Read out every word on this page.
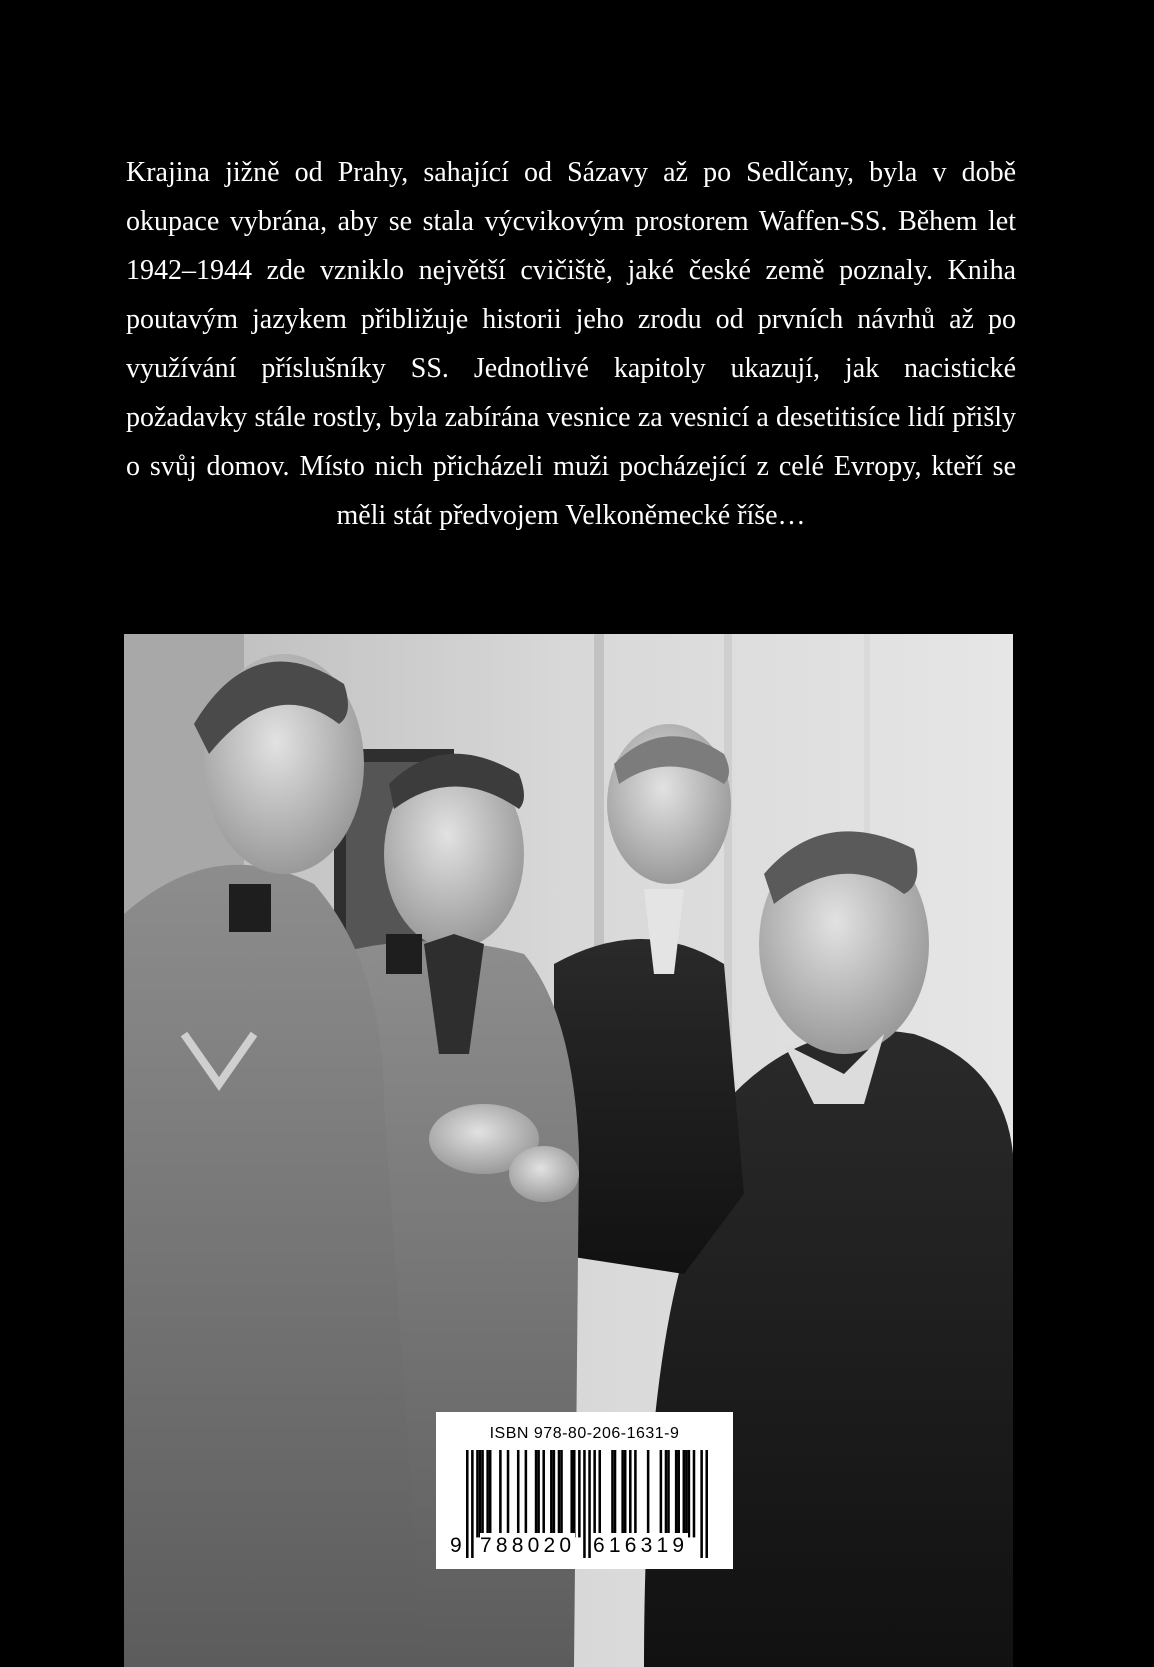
Krajina jižně od Prahy, sahající od Sázavy až po Sedlčany, byla v době okupace vybrána, aby se stala výcvikovým prostorem Waffen-SS. Během let 1942–1944 zde vzniklo největší cvičiště, jaké české země poznaly. Kniha poutavým jazykem přibližuje historii jeho zrodu od prvních návrhů až po využívání příslušníky SS. Jednotlivé kapitoly ukazují, jak nacistické požadavky stále rostly, byla zabírána vesnice za vesnicí a desetitisíce lidí přišly o svůj domov. Místo nich přicházeli muži pocházející z celé Evropy, kteří se měli stát předvojem Velkoněmecké říše…

ISBN 978-80-206-1631-9
9 788020 616319
